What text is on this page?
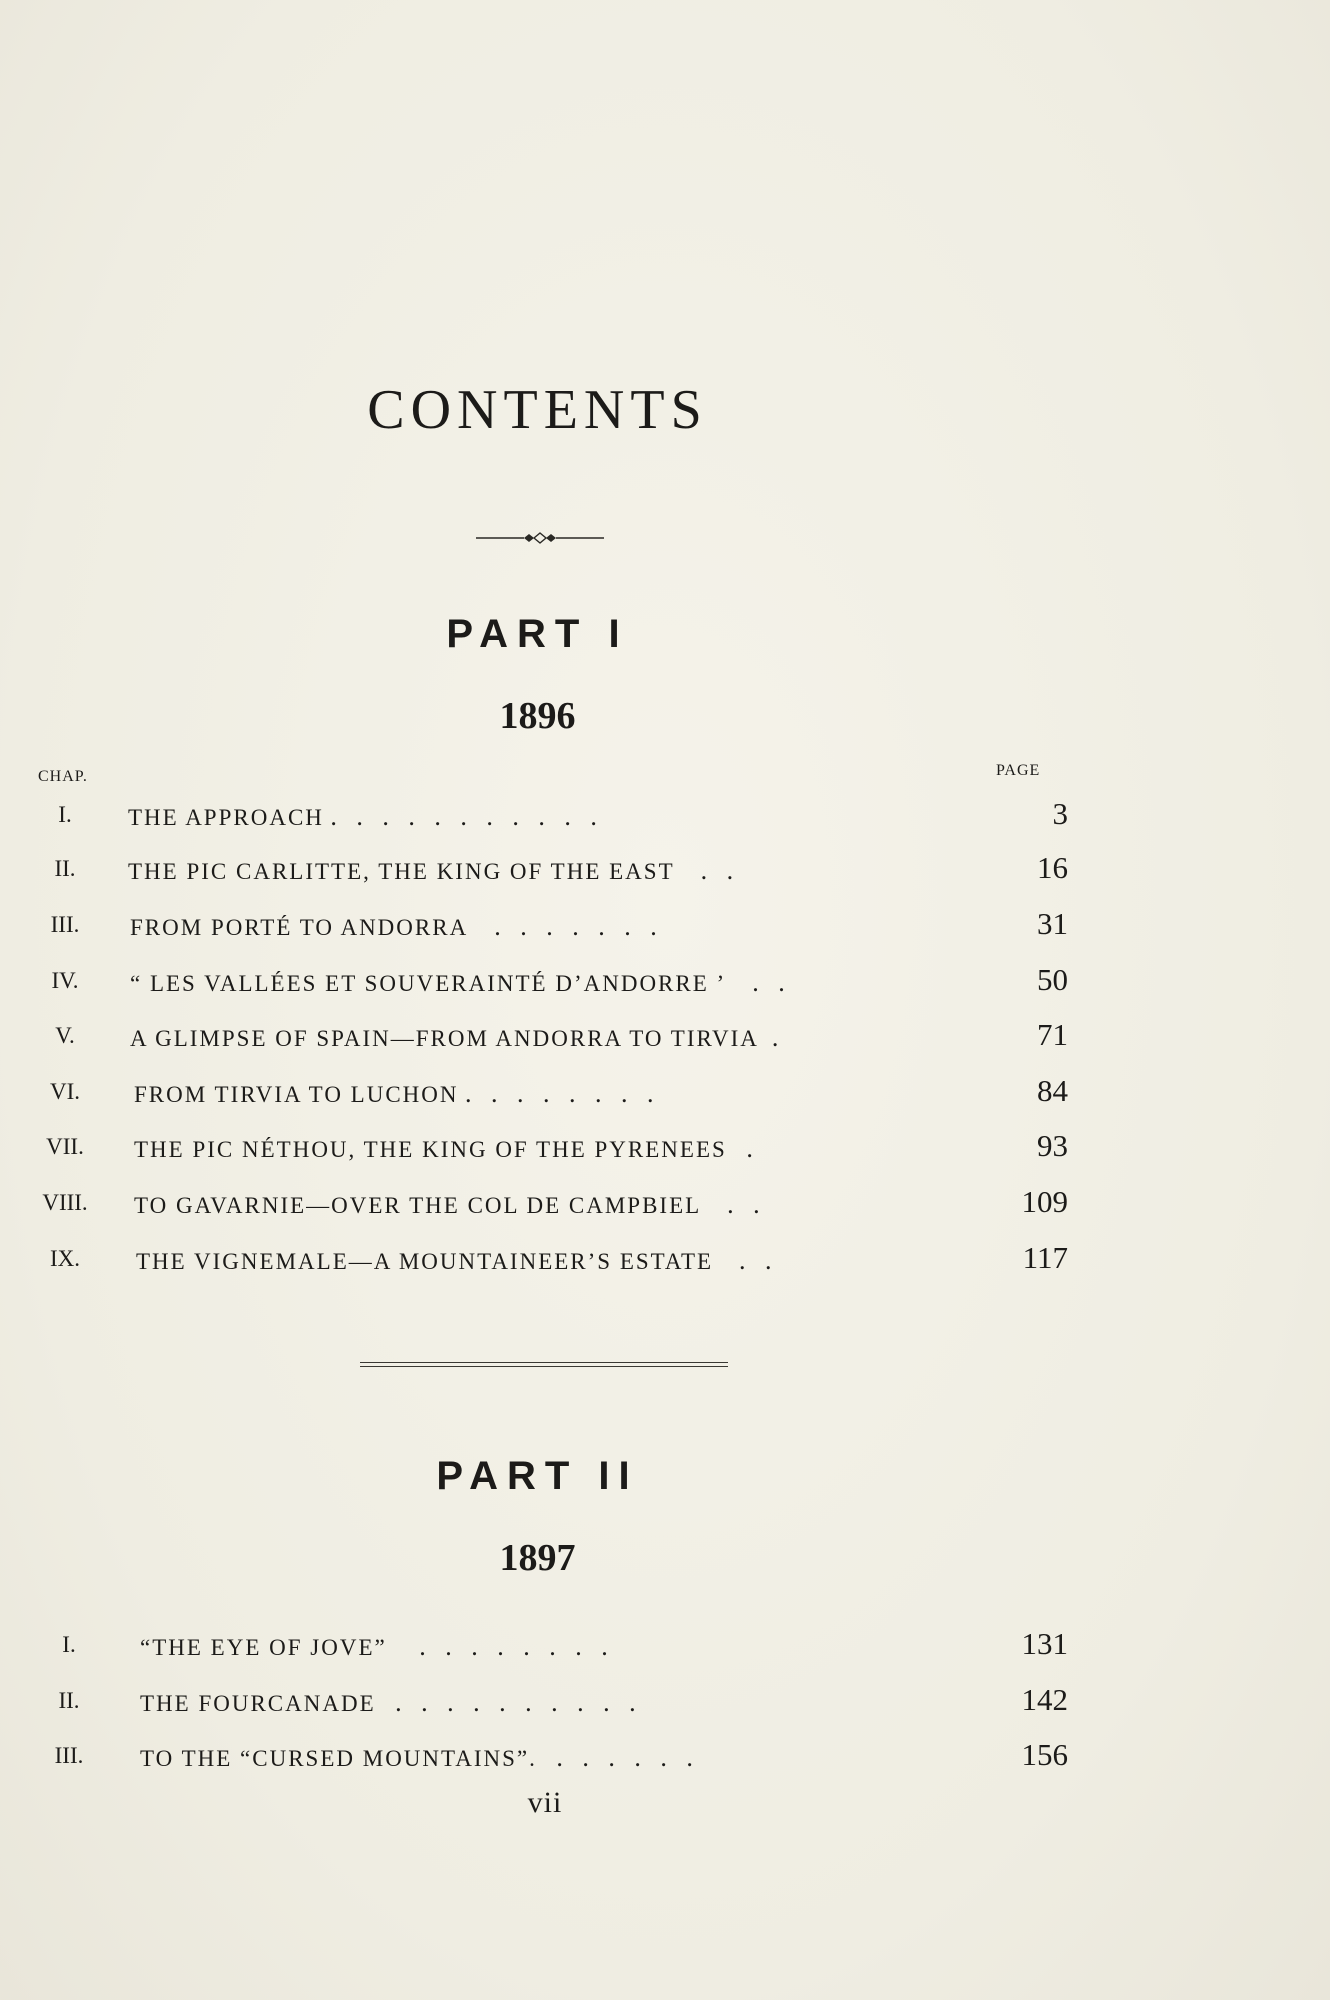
CONTENTS
PART I
1896
CHAP.	PAGE
I.	THE APPROACH .   .   .   .   .   .   .   .   .   .   .	3
II.	THE PIC CARLITTE, THE KING OF THE EAST    .   .	16
III.	FROM PORTÉ TO ANDORRA    .   .   .   .   .   .   .	31
IV.	“ LES VALLÉES ET SOUVERAINTÉ D’ANDORRE ’    .   .	50
V.	A GLIMPSE OF SPAIN—FROM ANDORRA TO TIRVIA  .	71
VI.	FROM TIRVIA TO LUCHON .   .   .   .   .   .   .   .	84
VII.	THE PIC NÉTHOU, THE KING OF THE PYRENEES   .	93
VIII.	TO GAVARNIE—OVER THE COL DE CAMPBIEL    .   .	109
IX.	THE VIGNEMALE—A MOUNTAINEER’S ESTATE    .   .	117
PART II
1897
I.	“THE EYE OF JOVE”     .   .   .   .   .   .   .   .	131
II.	THE FOURCANADE   .   .   .   .   .   .   .   .   .   .	142
III.	TO THE “CURSED MOUNTAINS”.   .   .   .   .   .   .	156
vii
